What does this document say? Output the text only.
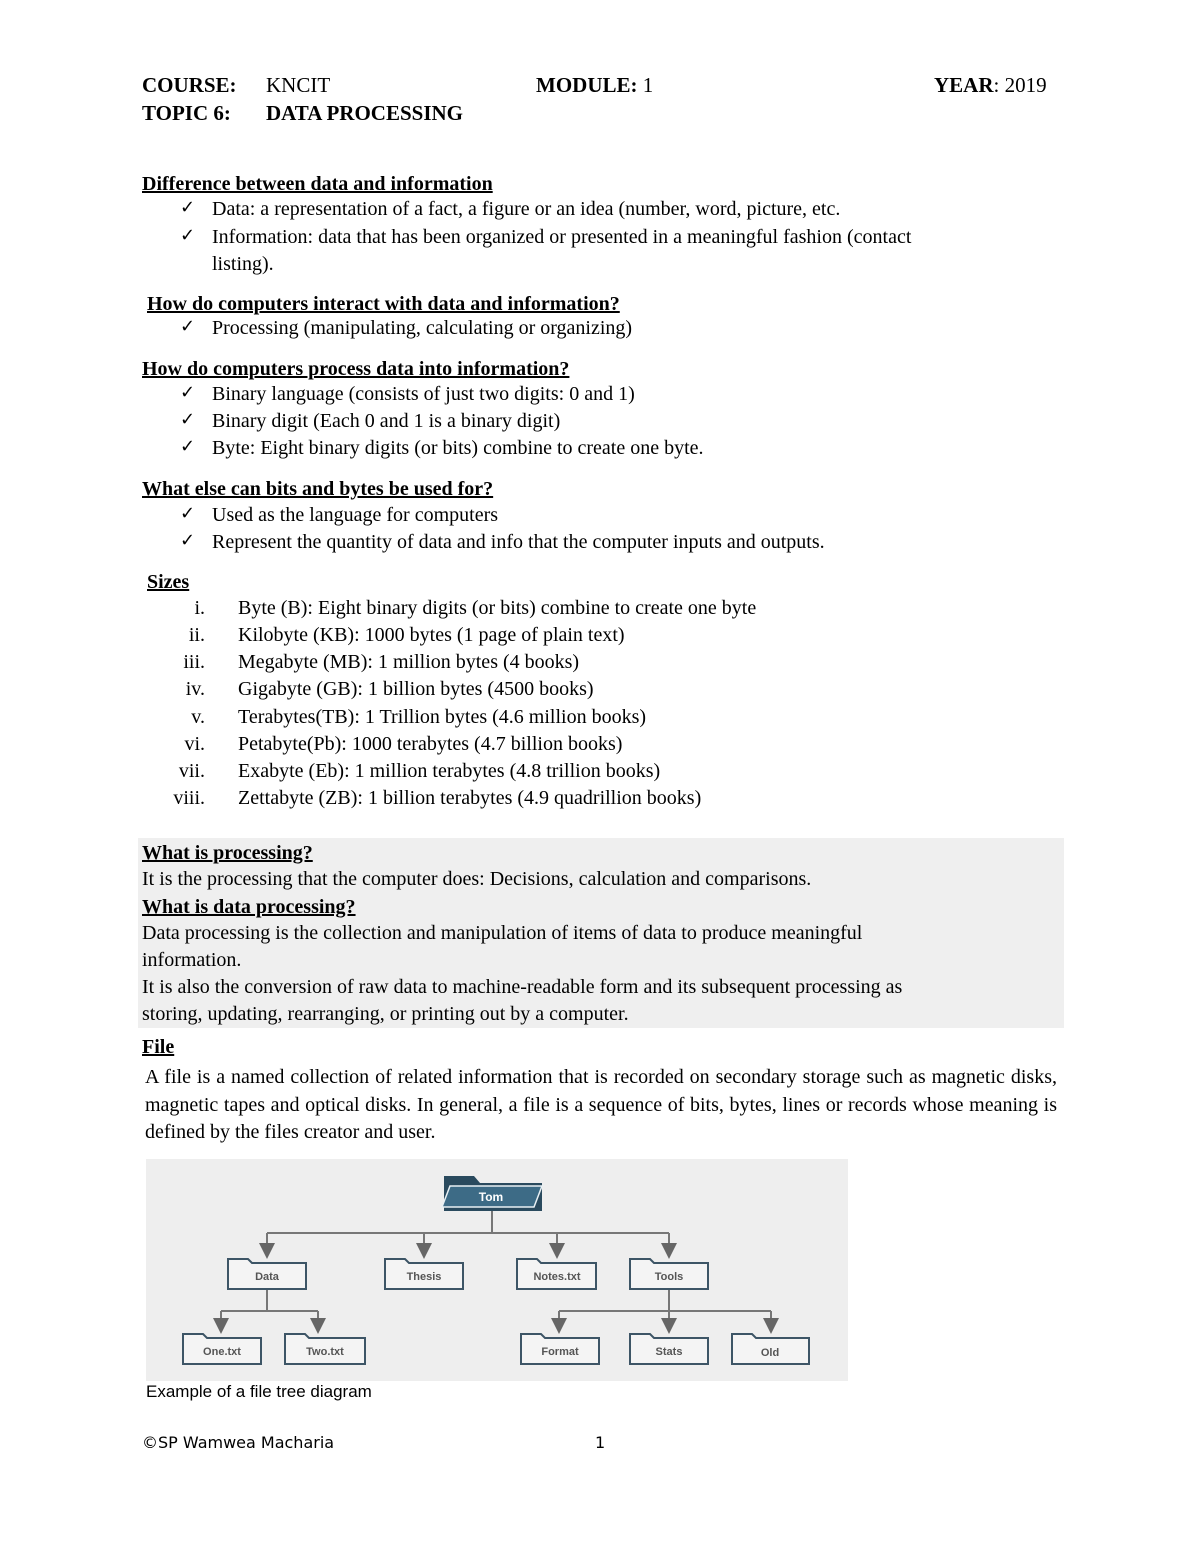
COURSE: KNCIT	MODULE: 1	YEAR: 2019
TOPIC 6: DATA PROCESSING
Difference between data and information
✓ Data: a representation of a fact, a figure or an idea (number, word, picture, etc.
✓ Information: data that has been organized or presented in a meaningful fashion (contact
listing).
How do computers interact with data and information?
✓ Processing (manipulating, calculating or organizing)
How do computers process data into information?
✓ Binary language (consists of just two digits: 0 and 1)
✓ Binary digit (Each 0 and 1 is a binary digit)
✓ Byte: Eight binary digits (or bits) combine to create one byte.
What else can bits and bytes be used for?
✓ Used as the language for computers
✓ Represent the quantity of data and info that the computer inputs and outputs.
Sizes
i. Byte (B): Eight binary digits (or bits) combine to create one byte
ii. Kilobyte (KB): 1000 bytes (1 page of plain text)
iii. Megabyte (MB): 1 million bytes (4 books)
iv. Gigabyte (GB): 1 billion bytes (4500 books)
v. Terabytes(TB): 1 Trillion bytes (4.6 million books)
vi. Petabyte(Pb): 1000 terabytes (4.7 billion books)
vii. Exabyte (Eb): 1 million terabytes (4.8 trillion books)
viii. Zettabyte (ZB): 1 billion terabytes (4.9 quadrillion books)
What is processing?
It is the processing that the computer does: Decisions, calculation and comparisons.
What is data processing?
Data processing is the collection and manipulation of items of data to produce meaningful
information.
It is also the conversion of raw data to machine-readable form and its subsequent processing as
storing, updating, rearranging, or printing out by a computer.
File
A file is a named collection of related information that is recorded on secondary storage such as magnetic disks, magnetic tapes and optical disks. In general, a file is a sequence of bits, bytes, lines or records whose meaning is defined by the files creator and user.
Tom
Data	Thesis	Notes.txt	Tools
One.txt	Two.txt	Format	Stats	Old
Example of a file tree diagram
©SP Wamwea Macharia	1
